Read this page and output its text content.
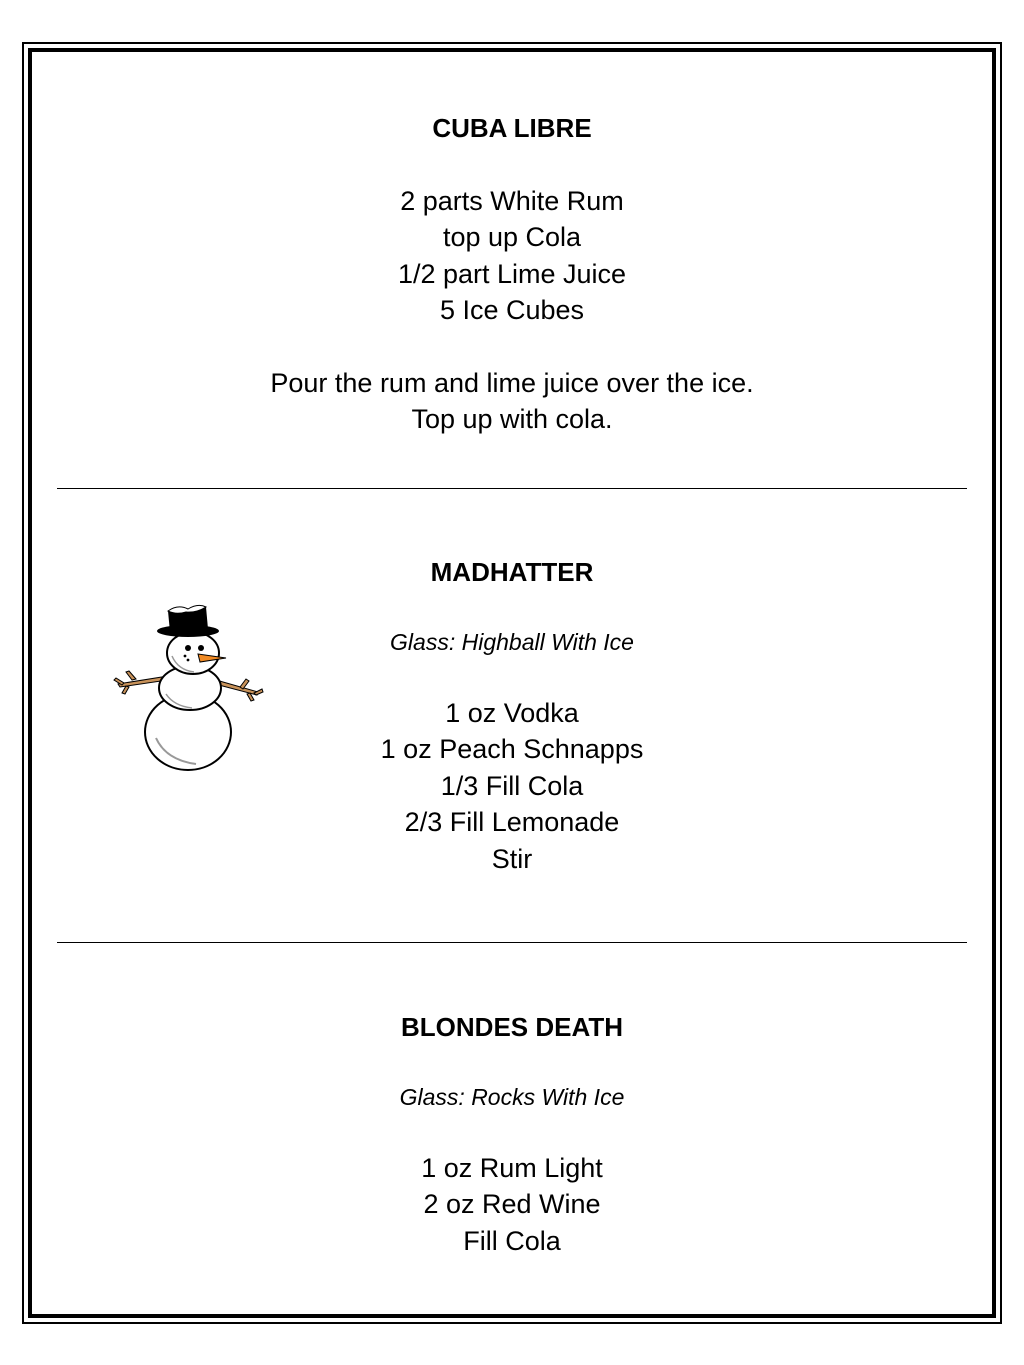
CUBA LIBRE

2 parts White Rum

top up Cola

1/2 part Lime Juice

5 Ice Cubes

Pour the rum and lime juice over the ice.

Top up with cola.

MADHATTER

Glass: Highball With Ice

1 oz Vodka

1 oz Peach Schnapps

1/3 Fill Cola

2/3 Fill Lemonade

Stir

BLONDES DEATH

Glass: Rocks With Ice

1 oz Rum Light

2 oz Red Wine

Fill Cola
